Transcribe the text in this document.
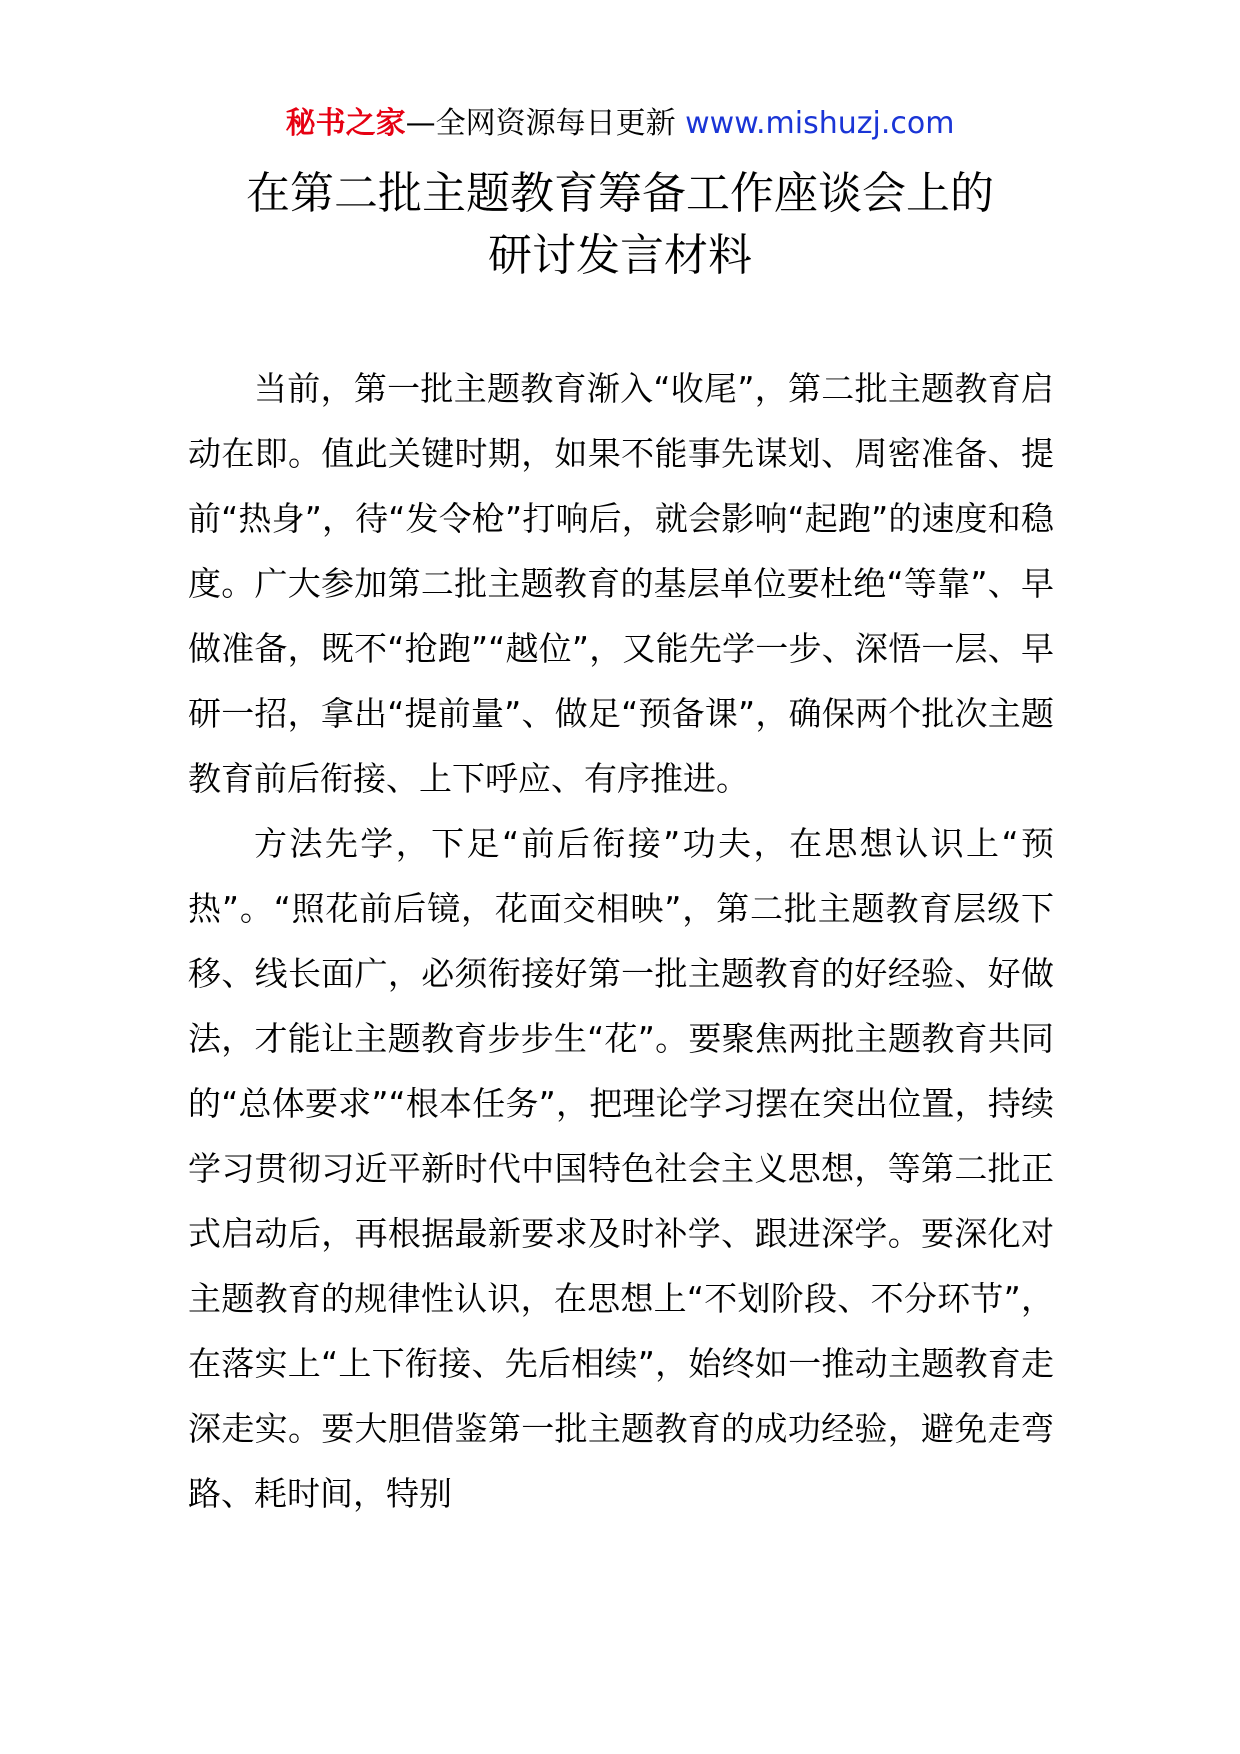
秘书之家—全网资源每日更新 www.mishuzj.com
在第二批主题教育筹备工作座谈会上的
研讨发言材料

当前，第一批主题教育渐入“收尾”，第二批主题教育启动在即。值此关键时期，如果不能事先谋划、周密准备、提前“热身”，待“发令枪”打响后，就会影响“起跑”的速度和稳度。广大参加第二批主题教育的基层单位要杜绝“等靠”、早做准备，既不“抢跑”“越位”，又能先学一步、深悟一层、早研一招，拿出“提前量”、做足“预备课”，确保两个批次主题教育前后衔接、上下呼应、有序推进。

方法先学，下足“前后衔接”功夫，在思想认识上“预热”。“照花前后镜，花面交相映”，第二批主题教育层级下移、线长面广，必须衔接好第一批主题教育的好经验、好做法，才能让主题教育步步生“花”。要聚焦两批主题教育共同的“总体要求”“根本任务”，把理论学习摆在突出位置，持续学习贯彻习近平新时代中国特色社会主义思想，等第二批正式启动后，再根据最新要求及时补学、跟进深学。要深化对主题教育的规律性认识，在思想上“不划阶段、不分环节”，在落实上“上下衔接、先后相续”，始终如一推动主题教育走深走实。要大胆借鉴第一批主题教育的成功经验，避免走弯路、耗时间，特别
